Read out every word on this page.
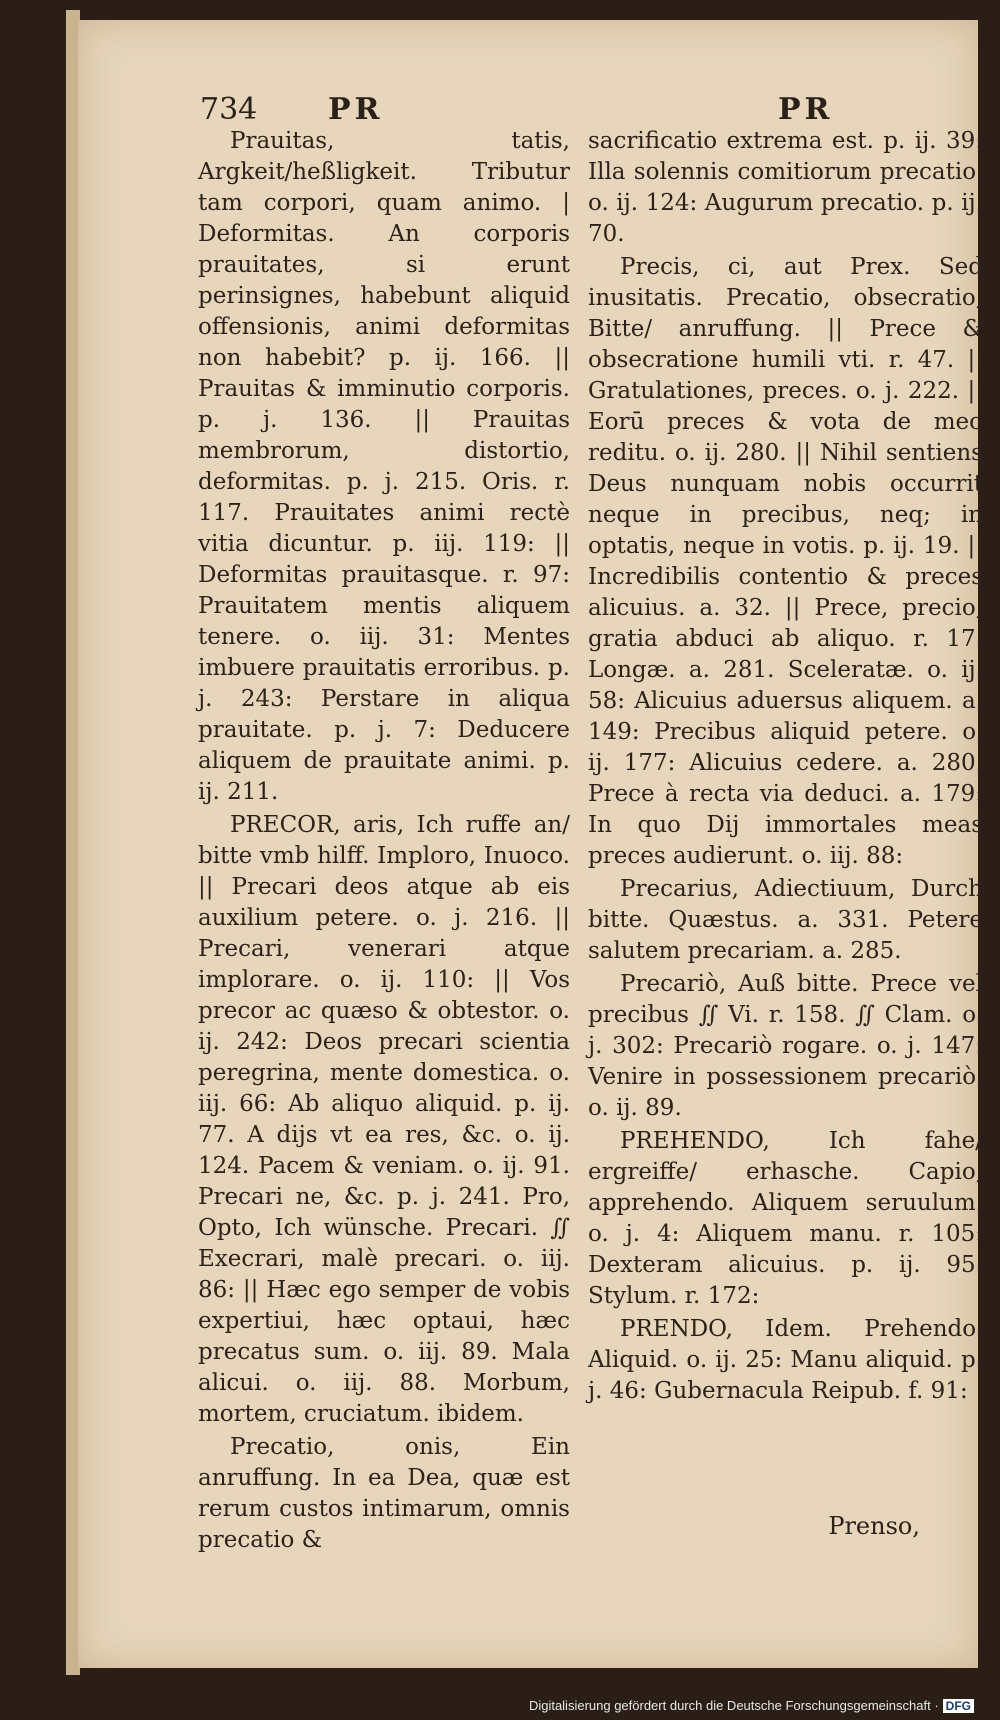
734 PR	PR

Prauitas, tatis, Argkeit/heßligkeit. Tributur tam corpori, quam animo. | Deformitas. An corporis prauitates, si erunt perinsignes, habebunt aliquid offensionis, animi deformitas non habebit? p. ij. 166. || Prauitas & imminutio corporis. p. j. 136. || Prauitas membrorum, distortio, deformitas. p. j. 215. Oris. r. 117. Prauitates animi rectè vitia dicuntur. p. iij. 119: || Deformitas prauitasque. r. 97: Prauitatem mentis aliquem tenere. o. iij. 31: Mentes imbuere prauitatis erroribus. p. j. 243: Perstare in aliqua prauitate. p. j. 7: Deducere aliquem de prauitate animi. p. ij. 211.

PRECOR, aris, Ich ruffe an/ bitte vmb hilff. Imploro, Inuoco. || Precari deos atque ab eis auxilium petere. o. j. 216. || Precari, venerari atque implorare. o. ij. 110: || Vos precor ac quæso & obtestor. o. ij. 242: Deos precari scientia peregrina, mente domestica. o. iij. 66: Ab aliquo aliquid. p. ij. 77. A dijs vt ea res, &c. o. ij. 124. Pacem & veniam. o. ij. 91. Precari ne, &c. p. j. 241. Pro, Opto, Ich wünsche. Precari. ∬ Execrari, malè precari. o. iij. 86: || Hæc ego semper de vobis expertiui, hæc optaui, hæc precatus sum. o. iij. 89. Mala alicui. o. iij. 88. Morbum, mortem, cruciatum. ibidem.

Precatio, onis, Ein anruffung. In ea Dea, quæ est rerum custos intimarum, omnis precatio &

sacrificatio extrema est. p. ij. 39: Illa solennis comitiorum precatio. o. ij. 124: Augurum precatio. p. ij. 70.

Precis, ci, aut Prex. Sed inusitatis. Precatio, obsecratio, Bitte/ anruffung. || Prece & obsecratione humili vti. r. 47. || Gratulationes, preces. o. j. 222. || Eorū preces & vota de meo reditu. o. ij. 280. || Nihil sentiens Deus nunquam nobis occurrit neque in precibus, neq; in optatis, neque in votis. p. ij. 19. || Incredibilis contentio & preces alicuius. a. 32. || Prece, precio, gratia abduci ab aliquo. r. 17. Longæ. a. 281. Sceleratæ. o. ij. 58: Alicuius aduersus aliquem. a. 149: Precibus aliquid petere. o. ij. 177: Alicuius cedere. a. 280. Prece à recta via deduci. a. 179: In quo Dij immortales meas preces audierunt. o. iij. 88:

Precarius, Adiectiuum, Durch bitte. Quæstus. a. 331. Petere salutem precariam. a. 285.

Precariò, Auß bitte. Prece vel precibus ∬ Vi. r. 158. ∬ Clam. o. j. 302: Precariò rogare. o. j. 147: Venire in possessionem precariò. o. ij. 89.

PREHENDO, Ich fahe/ ergreiffe/ erhasche. Capio, apprehendo. Aliquem seruulum. o. j. 4: Aliquem manu. r. 105: Dexteram alicuius. p. ij. 95. Stylum. r. 172:

PRENDO, Idem. Prehendo. Aliquid. o. ij. 25: Manu aliquid. p. j. 46: Gubernacula Reipub. f. 91:

Prenso,
Digitalisierung gefördert durch die Deutsche Forschungsgemeinschaft · DFG
